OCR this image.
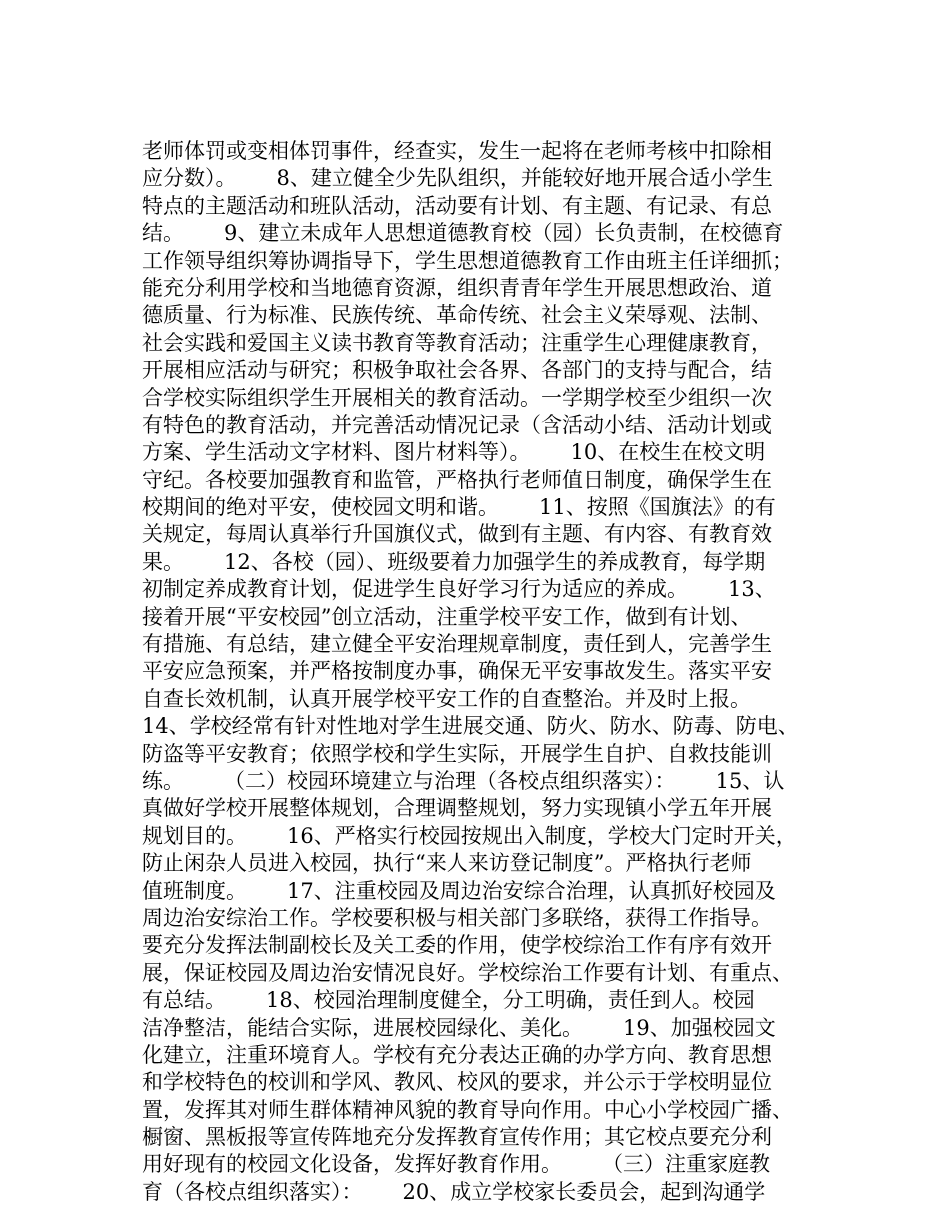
老师体罚或变相体罚事件，经查实，发生一起将在老师考核中扣除相
应分数）。      8、建立健全少先队组织，并能较好地开展合适小学生
特点的主题活动和班队活动，活动要有计划、有主题、有记录、有总
结。      9、建立未成年人思想道德教育校（园）长负责制，在校德育
工作领导组织筹协调指导下，学生思想道德教育工作由班主任详细抓；
能充分利用学校和当地德育资源，组织青青年学生开展思想政治、道
德质量、行为标准、民族传统、革命传统、社会主义荣辱观、法制、
社会实践和爱国主义读书教育等教育活动；注重学生心理健康教育，
开展相应活动与研究；积极争取社会各界、各部门的支持与配合，结
合学校实际组织学生开展相关的教育活动。一学期学校至少组织一次
有特色的教育活动，并完善活动情况记录（含活动小结、活动计划或
方案、学生活动文字材料、图片材料等）。      10、在校生在校文明
守纪。各校要加强教育和监管，严格执行老师值日制度，确保学生在
校期间的绝对平安，使校园文明和谐。      11、按照《国旗法》的有
关规定，每周认真举行升国旗仪式，做到有主题、有内容、有教育效
果。      12、各校（园）、班级要着力加强学生的养成教育，每学期
初制定养成教育计划，促进学生良好学习行为适应的养成。      13、
接着开展“平安校园”创立活动，注重学校平安工作，做到有计划、
有措施、有总结，建立健全平安治理规章制度，责任到人，完善学生
平安应急预案，并严格按制度办事，确保无平安事故发生。落实平安
自查长效机制，认真开展学校平安工作的自查整治。并及时上报。
14、学校经常有针对性地对学生进展交通、防火、防水、防毒、防电、
防盗等平安教育；依照学校和学生实际，开展学生自护、自救技能训
练。      （二）校园环境建立与治理（各校点组织落实）：      15、认
真做好学校开展整体规划，合理调整规划，努力实现镇小学五年开展
规划目的。      16、严格实行校园按规出入制度，学校大门定时开关，
防止闲杂人员进入校园，执行“来人来访登记制度”。严格执行老师
值班制度。      17、注重校园及周边治安综合治理，认真抓好校园及
周边治安综治工作。学校要积极与相关部门多联络，获得工作指导。
要充分发挥法制副校长及关工委的作用，使学校综治工作有序有效开
展，保证校园及周边治安情况良好。学校综治工作要有计划、有重点、
有总结。      18、校园治理制度健全，分工明确，责任到人。校园
洁净整洁，能结合实际，进展校园绿化、美化。      19、加强校园文
化建立，注重环境育人。学校有充分表达正确的办学方向、教育思想
和学校特色的校训和学风、教风、校风的要求，并公示于学校明显位
置，发挥其对师生群体精神风貌的教育导向作用。中心小学校园广播、
橱窗、黑板报等宣传阵地充分发挥教育宣传作用；其它校点要充分利
用好现有的校园文化设备，发挥好教育作用。      （三）注重家庭教
育（各校点组织落实）：      20、成立学校家长委员会，起到沟通学
